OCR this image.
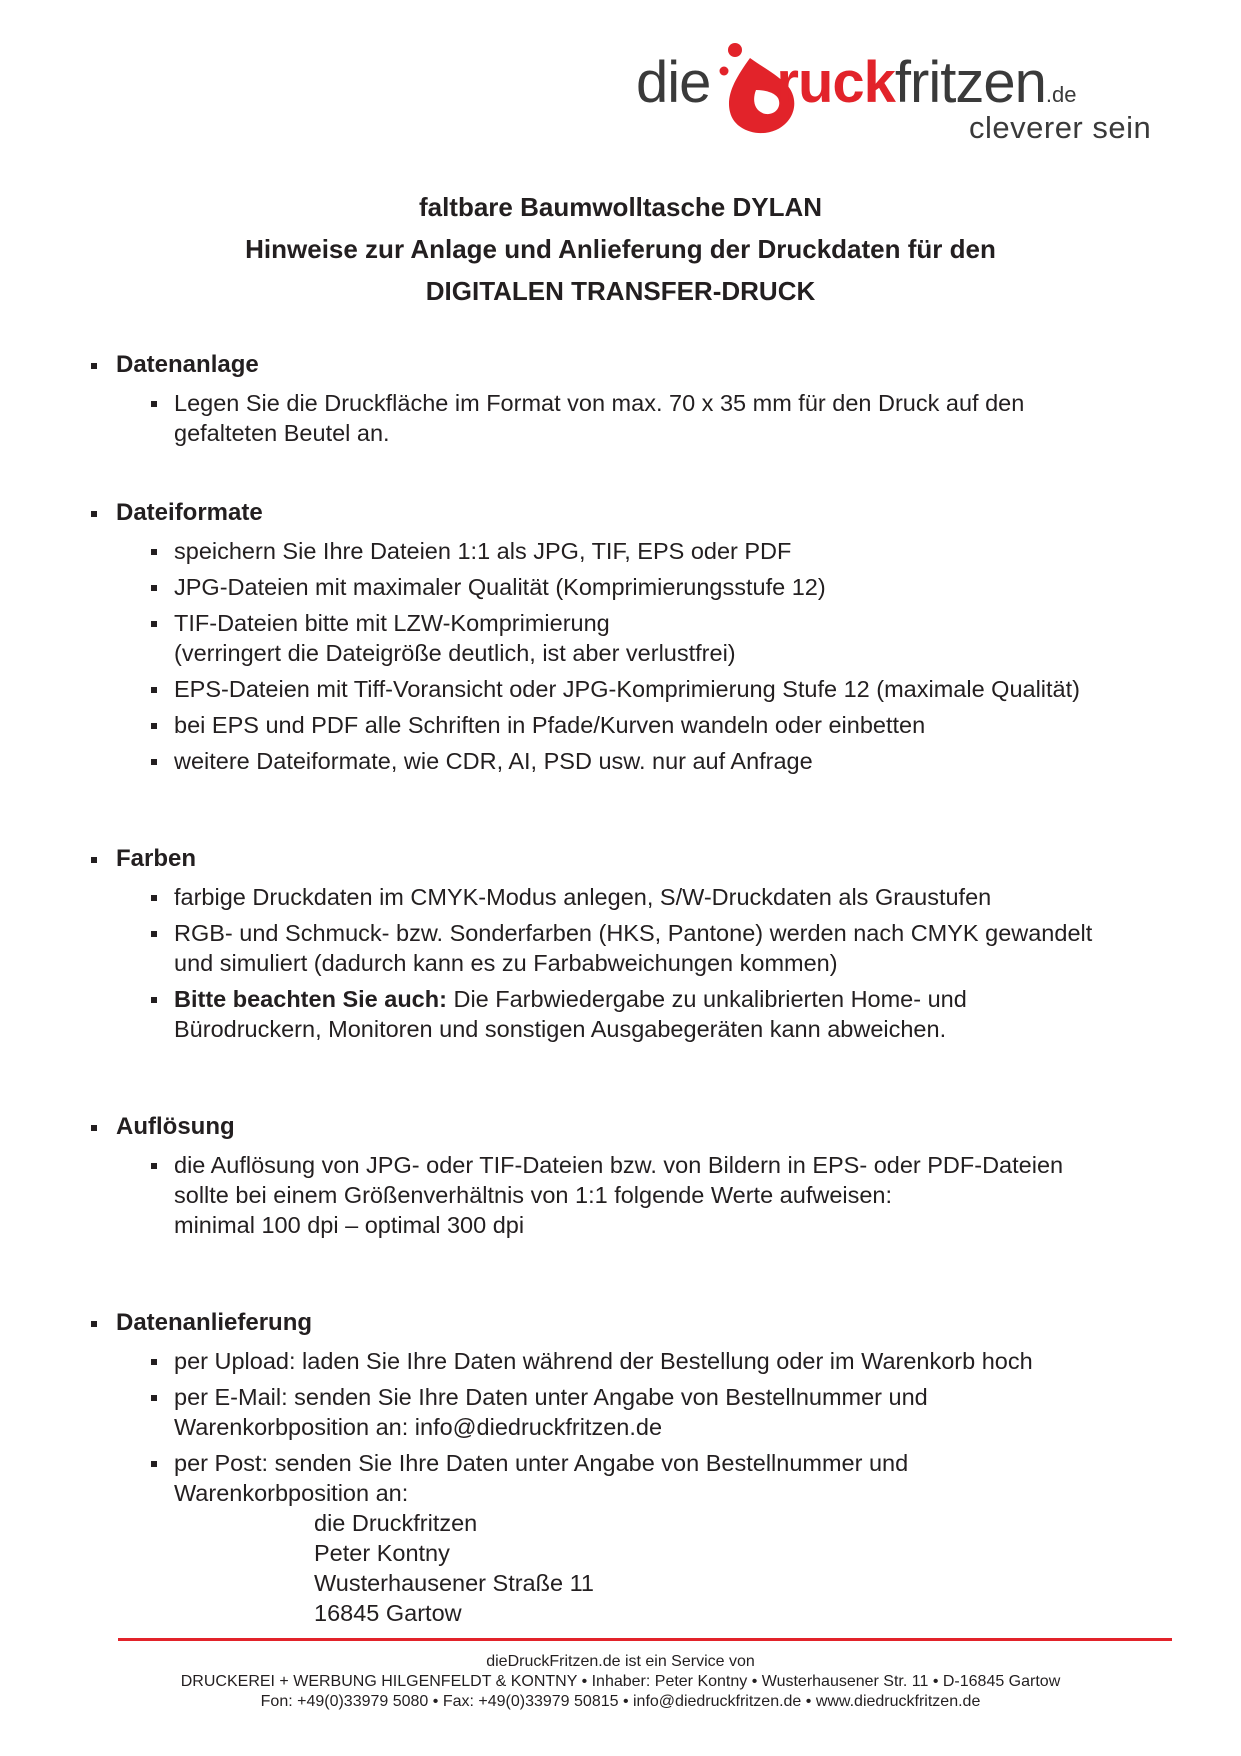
die ruckfritzen.de
cleverer sein
faltbare Baumwolltasche DYLAN
Hinweise zur Anlage und Anlieferung der Druckdaten für den
DIGITALEN TRANSFER-DRUCK
Datenanlage
Legen Sie die Druckfläche im Format von max. 70 x 35 mm für den Druck auf den
gefalteten Beutel an.
Dateiformate
speichern Sie Ihre Dateien 1:1 als JPG, TIF, EPS oder PDF
JPG-Dateien mit maximaler Qualität (Komprimierungsstufe 12)
TIF-Dateien bitte mit LZW-Komprimierung
(verringert die Dateigröße deutlich, ist aber verlustfrei)
EPS-Dateien mit Tiff-Voransicht oder JPG-Komprimierung Stufe 12 (maximale Qualität)
bei EPS und PDF alle Schriften in Pfade/Kurven wandeln oder einbetten
weitere Dateiformate, wie CDR, AI, PSD usw. nur auf Anfrage
Farben
farbige Druckdaten im CMYK-Modus anlegen, S/W-Druckdaten als Graustufen
RGB- und Schmuck- bzw. Sonderfarben (HKS, Pantone) werden nach CMYK gewandelt
und simuliert (dadurch kann es zu Farbabweichungen kommen)
Bitte beachten Sie auch: Die Farbwiedergabe zu unkalibrierten Home- und
Bürodruckern, Monitoren und sonstigen Ausgabegeräten kann abweichen.
Auflösung
die Auflösung von JPG- oder TIF-Dateien bzw. von Bildern in EPS- oder PDF-Dateien
sollte bei einem Größenverhältnis von 1:1 folgende Werte aufweisen:
minimal 100 dpi – optimal 300 dpi
Datenanlieferung
per Upload: laden Sie Ihre Daten während der Bestellung oder im Warenkorb hoch
per E-Mail: senden Sie Ihre Daten unter Angabe von Bestellnummer und
Warenkorbposition an: info@diedruckfritzen.de
per Post: senden Sie Ihre Daten unter Angabe von Bestellnummer und
Warenkorbposition an:
die Druckfritzen
Peter Kontny
Wusterhausener Straße 11
16845 Gartow
dieDruckFritzen.de ist ein Service von
DRUCKEREI + WERBUNG HILGENFELDT & KONTNY • Inhaber: Peter Kontny • Wusterhausener Str. 11 • D-16845 Gartow
Fon: +49(0)33979 5080 • Fax: +49(0)33979 50815 • info@diedruckfritzen.de • www.diedruckfritzen.de
